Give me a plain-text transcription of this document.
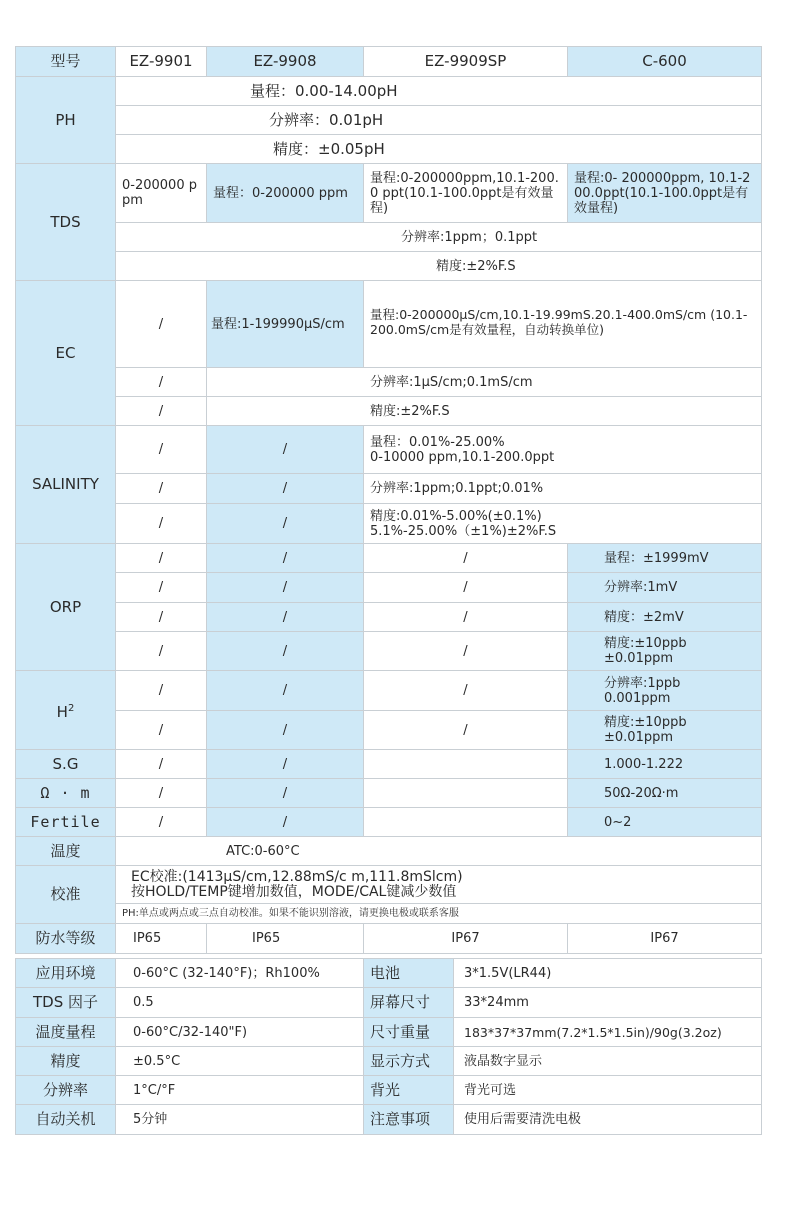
型号	EZ-9901	EZ-9908	EZ-9909SP	C-600
PH	量程：0.00-14.00pH			
	分辨率：0.01pH			
	精度：±0.05pH			
TDS	0-200000 ppm	量程：0-200000 ppm	量程:0-200000ppm,10.1-200.0 ppt(10.1-100.0ppt是有效量程)	量程:0- 200000ppm, 10.1-200.0ppt(10.1-100.0ppt是有效量程)
	分辨率:1ppm；0.1ppt			
	精度:±2%F.S			
EC	/	量程:1-199990µS/cm	量程:0-200000µS/cm,10.1-19.99mS.20.1-400.0mS/cm (10.1-200.0mS/cm是有效量程，自动转换单位)	
	/	分辨率:1µS/cm;0.1mS/cm		
	/	精度:±2%F.S		
SALINITY	/	/	量程：0.01%-25.00%
0-10000 ppm,10.1-200.0ppt	

	/	/	分辨率:1ppm;0.1ppt;0.01%	
	/	/	精度:0.01%-5.00%(±0.1%)
5.1%-25.00%（±1%)±2%F.S	

ORP	/	/	/	量程：±1999mV
	/	/	/	分辨率:1mV
	/	/	/	精度：±2mV
	/	/	/	精度:±10ppb
±0.01ppm

$H^2$	/	/	/	分辨率:1ppb
0.001ppm

	/	/	/	精度:±10ppb
±0.01ppm

S.G	/	/		1.000-1.222
Ω · m	/	/		50Ω-20Ω·m
Fertile	/	/		0~2
温度	ATC:0-60°C			
校准	EC校准:(1413µS/cm,12.88mS/c m,111.8mSlcm)
按HOLD/TEMP键增加数值，MODE/CAL键减少数值			

	PH:单点或两点或三点自动校准。如果不能识别溶液，请更换电极或联系客服			
防水等级	IP65	IP65	IP67	IP67
应用环境	0-60°C (32-140°F)；Rh100%	电池	3*1.5V(LR44)
TDS 因子	0.5	屏幕尺寸	33*24mm
温度量程	0-60°C/32-140"F)	尺寸重量	183*37*37mm(7.2*1.5*1.5in)/90g(3.2oz)
精度	±0.5°C	显示方式	液晶数字显示
分辨率	1°C/°F	背光	背光可选
自动关机	5分钟	注意事项	使用后需要清洗电极
